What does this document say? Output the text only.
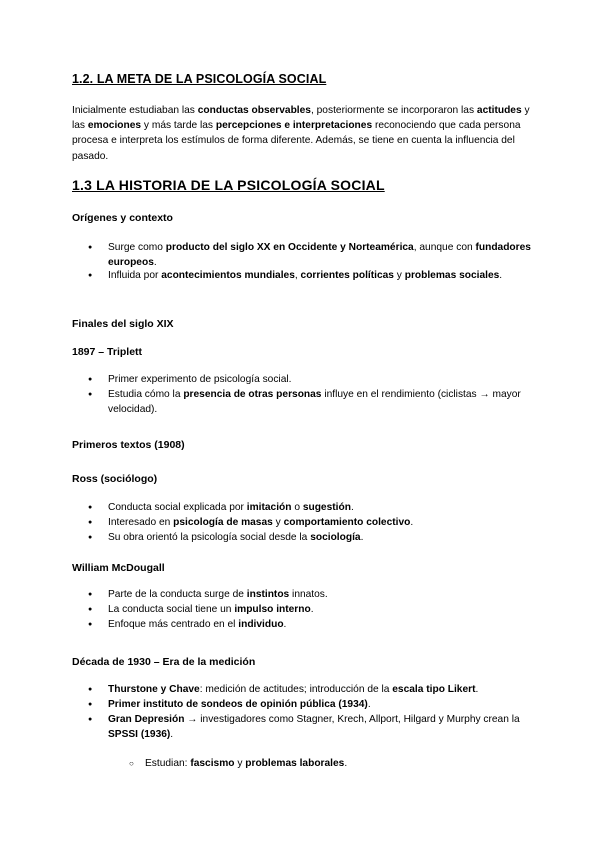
1.2. LA META DE LA PSICOLOGÍA SOCIAL
Inicialmente estudiaban las conductas observables, posteriormente se incorporaron las actitudes y las emociones y más tarde las percepciones e interpretaciones reconociendo que cada persona procesa e interpreta los estímulos de forma diferente. Además, se tiene en cuenta la influencia del pasado.
1.3 LA HISTORIA DE LA PSICOLOGÍA SOCIAL
Orígenes y contexto
● Surge como producto del siglo XX en Occidente y Norteamérica, aunque con fundadores europeos.
● Influida por acontecimientos mundiales, corrientes políticas y problemas sociales.
Finales del siglo XIX
1897 – Triplett
● Primer experimento de psicología social.
● Estudia cómo la presencia de otras personas influye en el rendimiento (ciclistas → mayor velocidad).
Primeros textos (1908)
Ross (sociólogo)
● Conducta social explicada por imitación o sugestión.
● Interesado en psicología de masas y comportamiento colectivo.
● Su obra orientó la psicología social desde la sociología.
William McDougall
● Parte de la conducta surge de instintos innatos.
● La conducta social tiene un impulso interno.
● Enfoque más centrado en el individuo.
Década de 1930 – Era de la medición
● Thurstone y Chave: medición de actitudes; introducción de la escala tipo Likert.
● Primer instituto de sondeos de opinión pública (1934).
● Gran Depresión → investigadores como Stagner, Krech, Allport, Hilgard y Murphy crean la SPSSI (1936).
○ Estudian: fascismo y problemas laborales.
